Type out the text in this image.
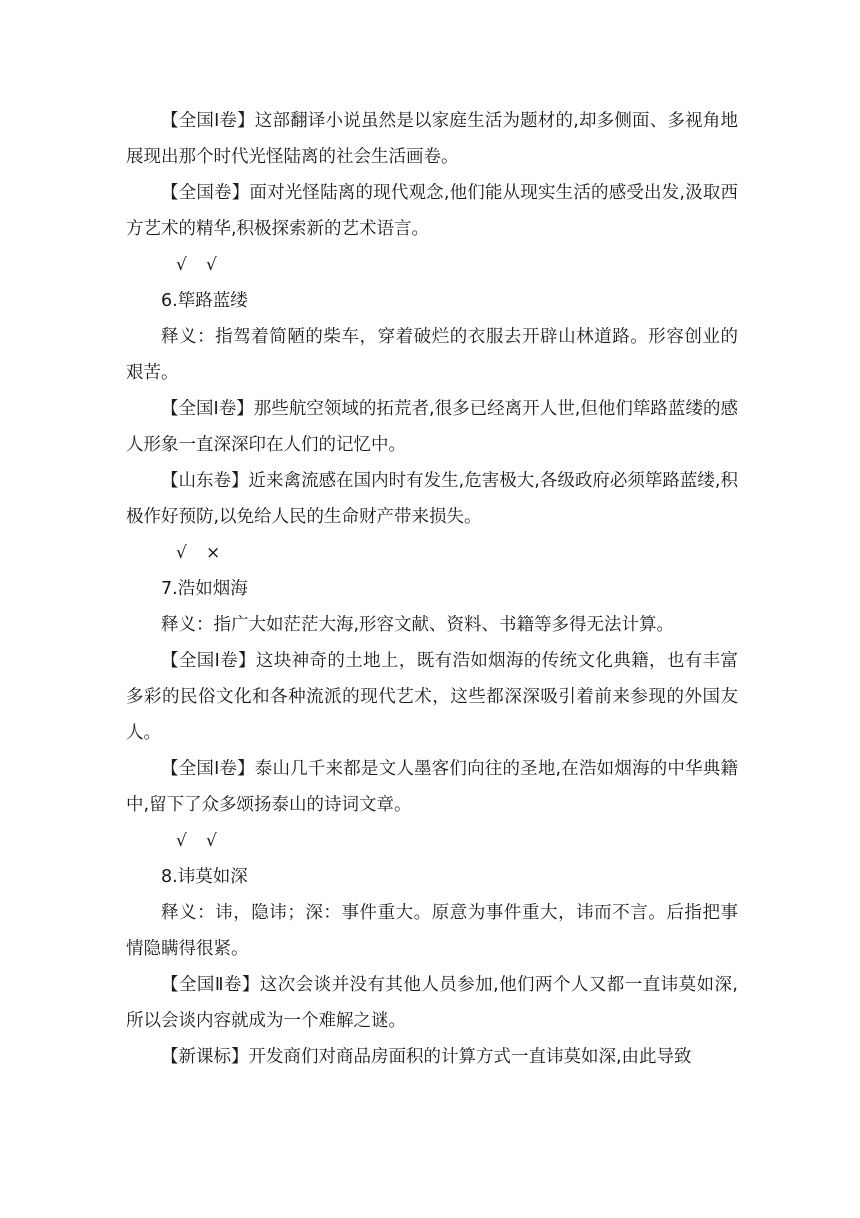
【全国Ⅰ卷】这部翻译小说虽然是以家庭生活为题材的,却多侧面、多视角地展现出那个时代光怪陆离的社会生活画卷。

【全国卷】面对光怪陆离的现代观念,他们能从现实生活的感受出发,汲取西方艺术的精华,积极探索新的艺术语言。

√ √

6.筚路蓝缕

释义：指驾着简陋的柴车，穿着破烂的衣服去开辟山林道路。形容创业的艰苦。

【全国Ⅰ卷】那些航空领域的拓荒者,很多已经离开人世,但他们筚路蓝缕的感人形象一直深深印在人们的记忆中。

【山东卷】近来禽流感在国内时有发生,危害极大,各级政府必须筚路蓝缕,积极作好预防,以免给人民的生命财产带来损失。

√ ×

7.浩如烟海

释义：指广大如茫茫大海,形容文献、资料、书籍等多得无法计算。

【全国Ⅰ卷】这块神奇的土地上，既有浩如烟海的传统文化典籍，也有丰富多彩的民俗文化和各种流派的现代艺术，这些都深深吸引着前来参现的外国友人。

【全国Ⅰ卷】泰山几千来都是文人墨客们向往的圣地,在浩如烟海的中华典籍中,留下了众多颂扬泰山的诗词文章。

√ √

8.讳莫如深

释义：讳，隐讳；深：事件重大。原意为事件重大，讳而不言。后指把事情隐瞒得很紧。

【全国Ⅱ卷】这次会谈并没有其他人员参加,他们两个人又都一直讳莫如深, 所以会谈内容就成为一个难解之谜。

【新课标】开发商们对商品房面积的计算方式一直讳莫如深,由此导致
